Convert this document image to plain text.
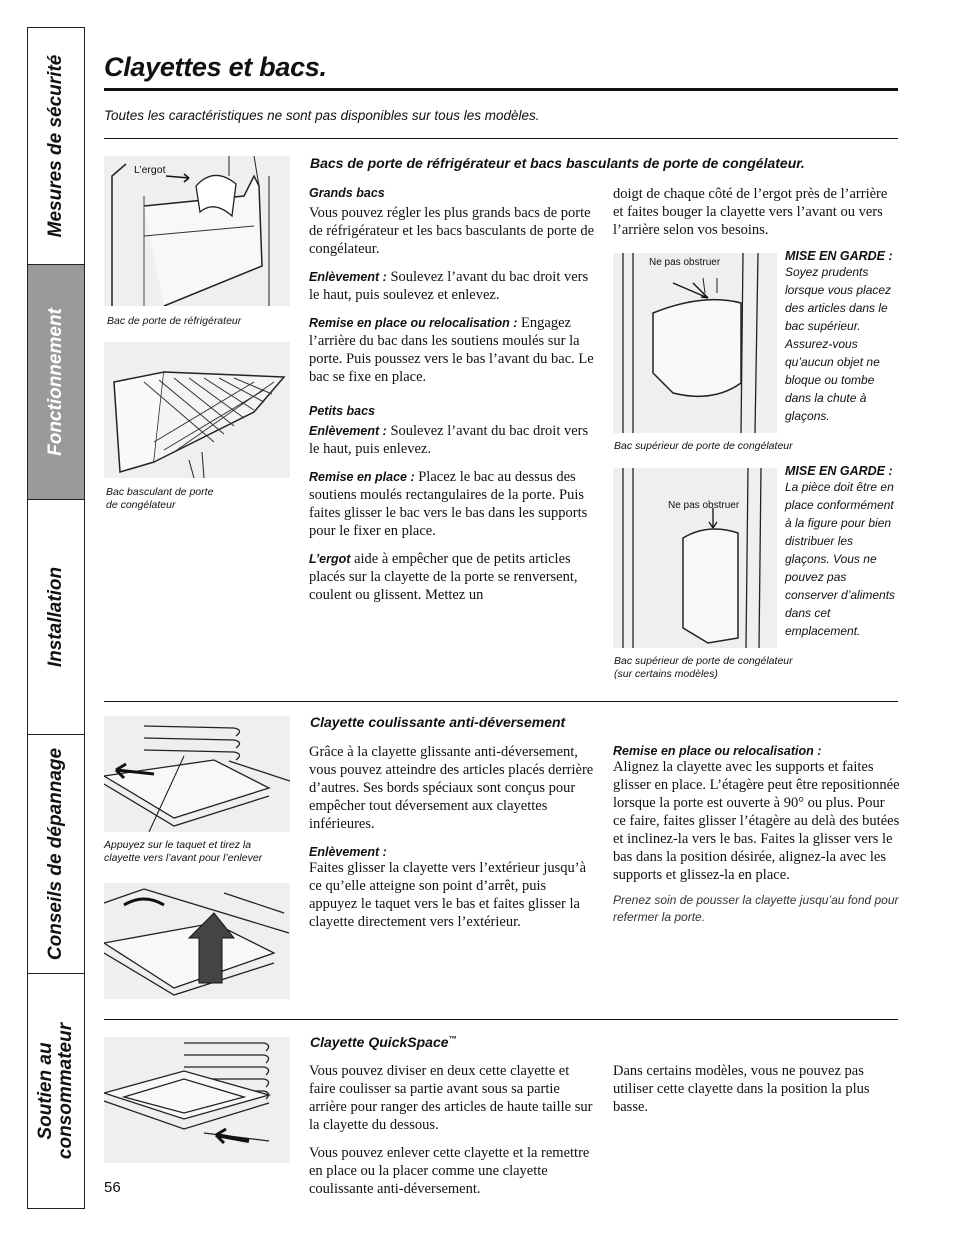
Mesures de sécurité
Fonctionnement
Installation
Conseils de dépannage
Soutien au
consommateur
Clayettes et bacs.
Toutes les caractéristiques ne sont pas disponibles sur tous les modèles.
Bacs de porte de réfrigérateur et bacs basculants de porte de congélateur.
L’ergot
Bac de porte de réfrigérateur
Bac basculant de porte
de congélateur
Grands bacs

Vous pouvez régler les plus grands bacs de porte de réfrigérateur et les bacs basculants de porte de congélateur.

Enlèvement : Soulevez l’avant du bac droit vers le haut, puis soulevez et enlevez.

Remise en place ou relocalisation : Engagez l’arrière du bac dans les soutiens moulés sur la porte. Puis poussez vers le bas l’avant du bac. Le bac se fixe en place.

Petits bacs

Enlèvement : Soulevez l’avant du bac droit vers le haut, puis enlevez.

Remise en place : Placez le bac au dessus des soutiens moulés rectangulaires de la porte. Puis faites glisser le bac vers le bas dans les supports pour le fixer en place.

L’ergot aide à empêcher que de petits articles placés sur la clayette de la porte se renversent, coulent ou glissent. Mettez un

doigt de chaque côté de l’ergot près de l’arrière et faites bouger la clayette vers l’avant ou vers l’arrière selon vos besoins.

Ne pas obstruer
Bac supérieur de porte de congélateur
MISE EN GARDE :

Soyez prudents lorsque vous placez des articles dans le bac supérieur. Assurez-vous qu’aucun objet ne bloque ou tombe dans la chute à glaçons.

Ne pas obstruer
Bac supérieur de porte de congélateur
(sur certains modèles)
MISE EN GARDE :

La pièce doit être en place conformément à la figure pour bien distribuer les glaçons. Vous ne pouvez pas conserver d’aliments dans cet emplacement.

Clayette coulissante anti-déversement
Appuyez sur le taquet et tirez la
clayette vers l’avant pour l’enlever

Grâce à la clayette glissante anti-déversement, vous pouvez atteindre des articles placés derrière d’autres. Ses bords spéciaux sont conçus pour empêcher tout déversement aux clayettes inférieures.

Enlèvement :

Faites glisser la clayette vers l’extérieur jusqu’à ce qu’elle atteigne son point d’arrêt, puis appuyez le taquet vers le bas et faites glisser la clayette directement vers l’extérieur.

Remise en place ou relocalisation :

Alignez la clayette avec les supports et faites glisser en place. L’étagère peut être repositionnée lorsque la porte est ouverte à 90° ou plus. Pour ce faire, faites glisser l’étagère au delà des butées et inclinez-la vers le bas. Faites la glisser vers le bas dans la position désirée, alignez-la avec les supports et glissez-la en place.

Prenez soin de pousser la clayette jusqu’au fond pour refermer la porte.

Clayette QuickSpace™

Vous pouvez diviser en deux cette clayette et faire coulisser sa partie avant sous sa partie arrière pour ranger des articles de haute taille sur la clayette du dessous.

Vous pouvez enlever cette clayette et la remettre en place ou la placer comme une clayette coulissante anti-déversement.

Dans certains modèles, vous ne pouvez pas utiliser cette clayette dans la position la plus basse.

56
